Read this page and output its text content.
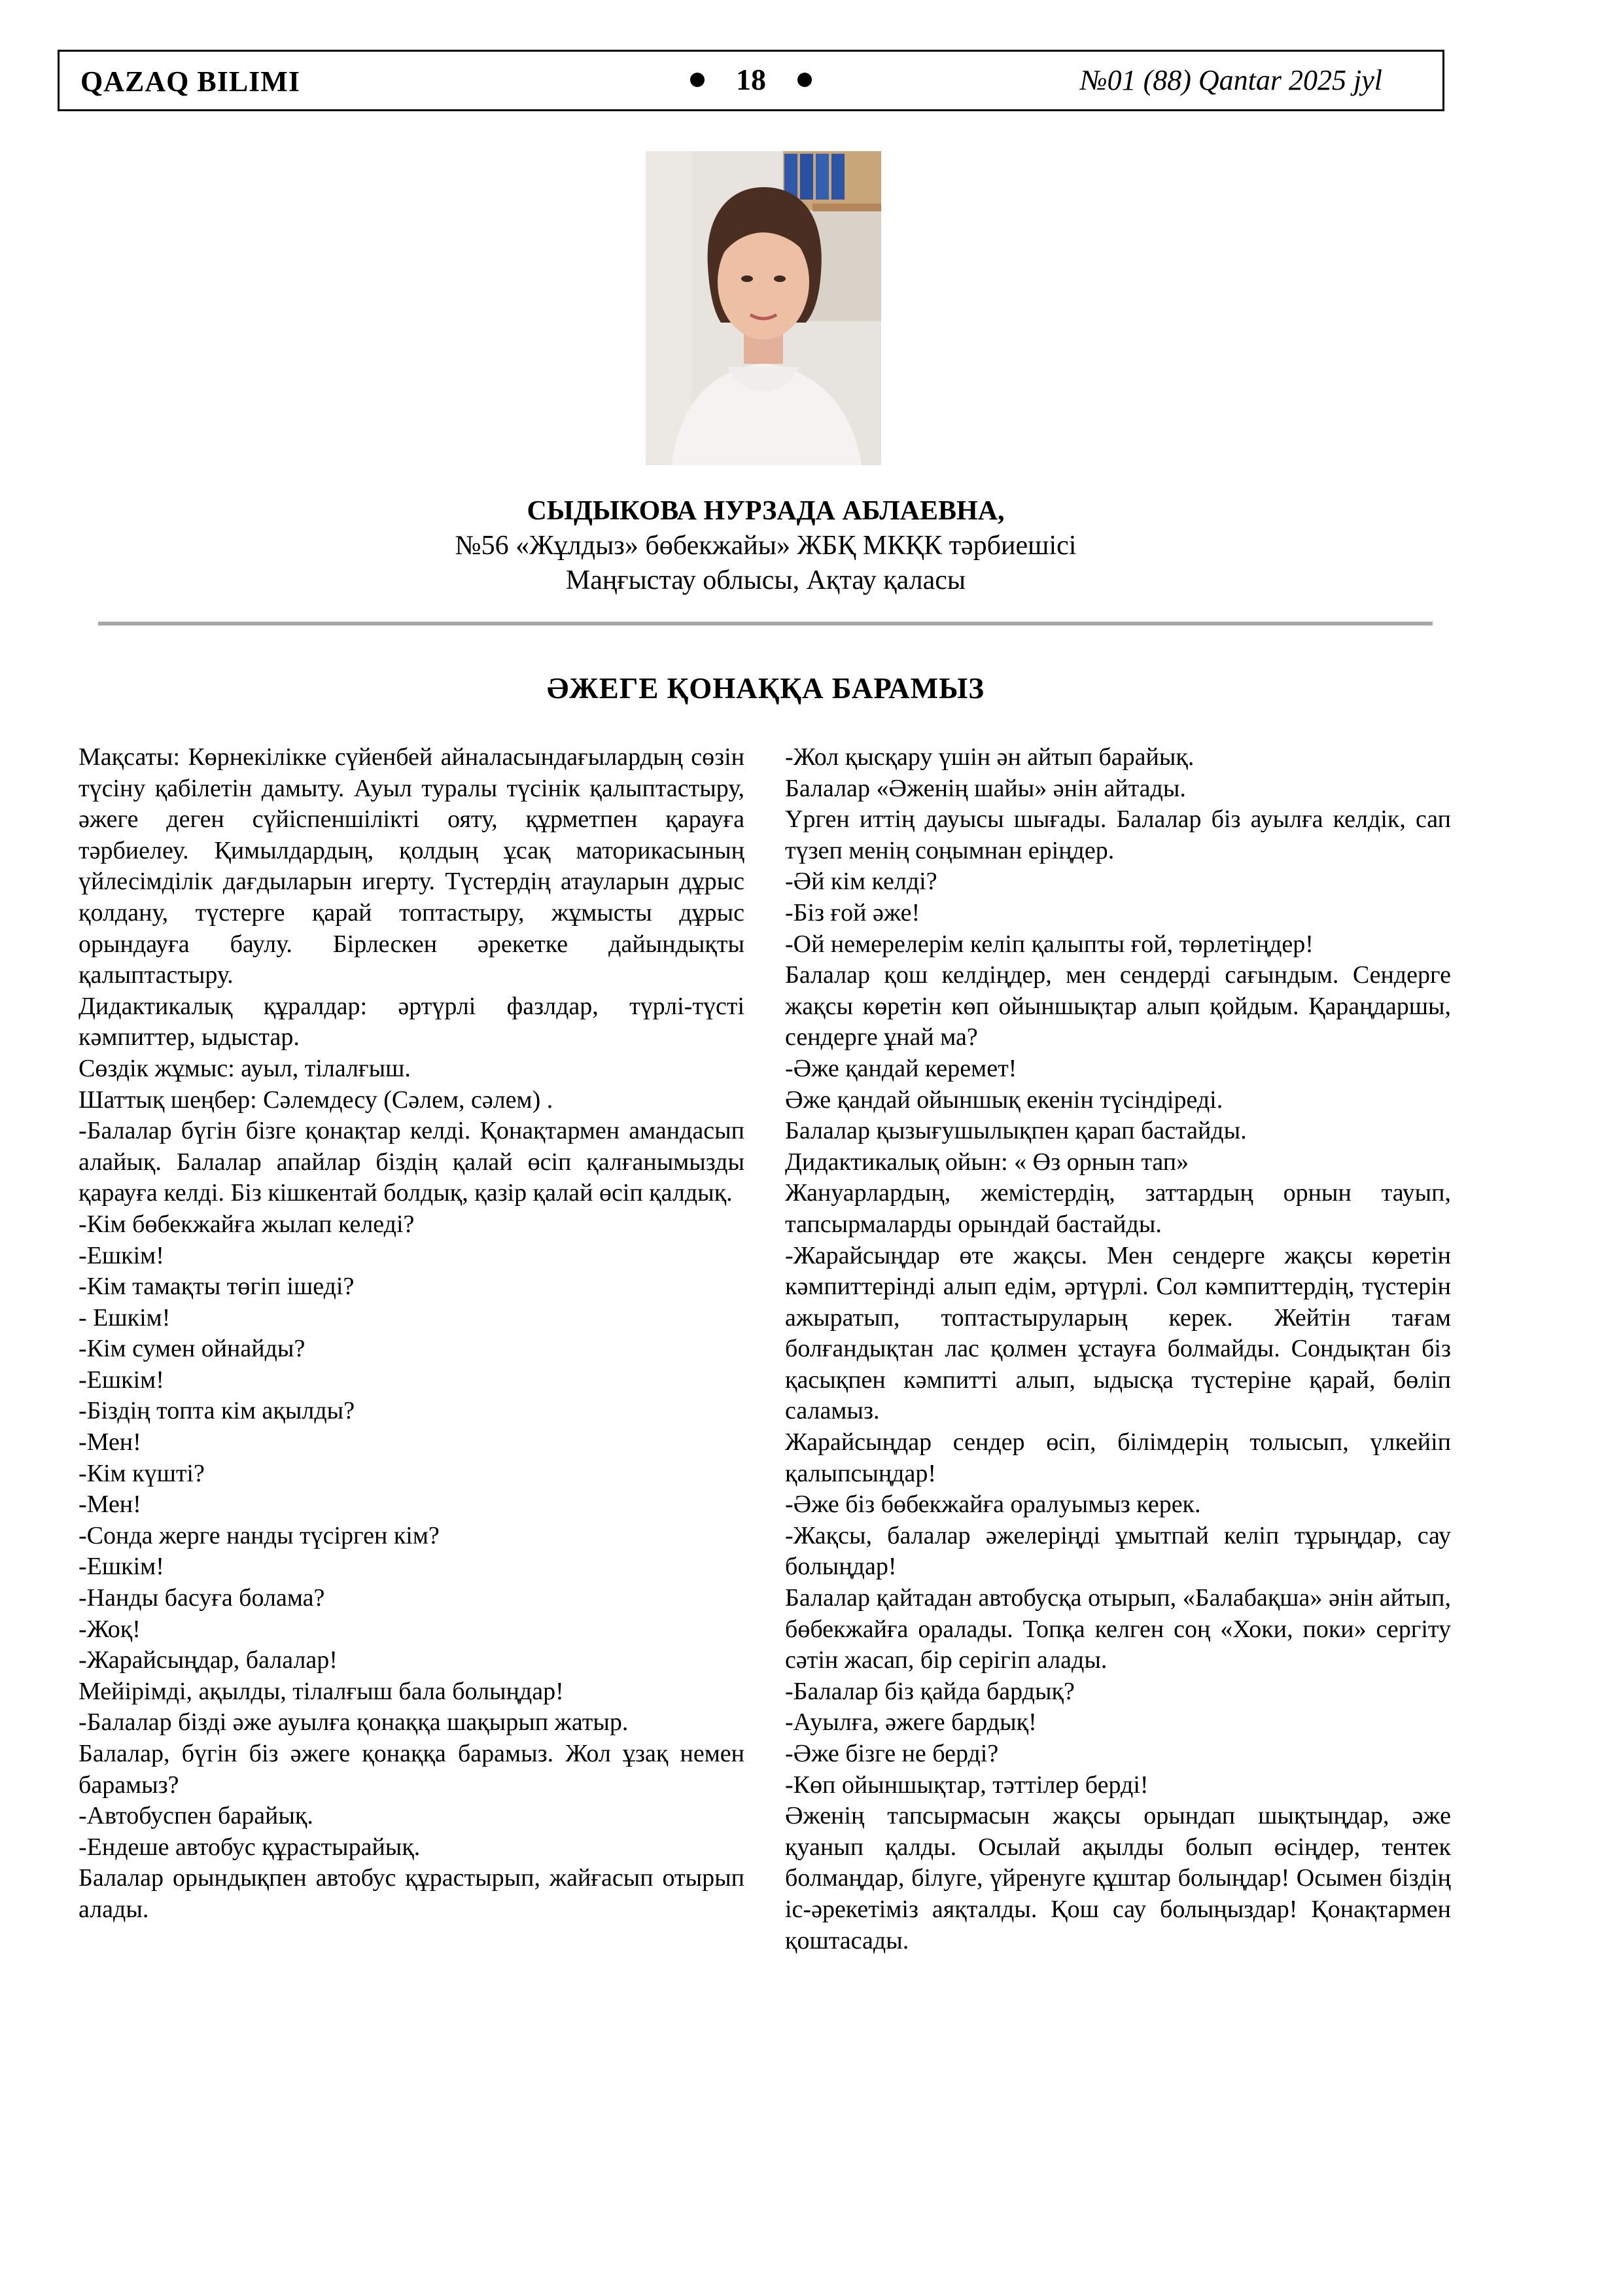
QAZAQ BILIMI	18	№01 (88) Qantar 2025 jyl
СЫДЫКОВА НУРЗАДА АБЛАЕВНА,
№56 «Жұлдыз» бөбекжайы» ЖБҚ МКҚК тәрбиешісі
Маңғыстау облысы, Ақтау қаласы
ӘЖЕГЕ ҚОНАҚҚА БАРАМЫЗ

Мақсаты: Көрнекілікке сүйенбей айналасындағылардың сөзін түсіну қабілетін дамыту. Ауыл туралы түсінік қалыптастыру, әжеге деген сүйіспеншілікті ояту, құрметпен қарауға тәрбиелеу. Қимылдардың, қолдың ұсақ маторикасының үйлесімділік дағдыларын игерту. Түстердің атауларын дұрыс қолдану, түстерге қарай топтастыру, жұмысты дұрыс орындауға баулу. Бірлескен әрекетке дайындықты қалыптастыру.

Дидактикалық құралдар: әртүрлі фазлдар, түрлі-түсті кәмпиттер, ыдыстар.

Сөздік жұмыс: ауыл, тілалғыш.

Шаттық шеңбер: Сәлемдесу (Сәлем, сәлем) .

-Балалар бүгін бізге қонақтар келді. Қонақтармен амандасып алайық. Балалар апайлар біздің қалай өсіп қалғанымызды қарауға келді. Біз кішкентай болдық, қазір қалай өсіп қалдық.

-Кім бөбекжайға жылап келеді?

-Ешкім!

-Кім тамақты төгіп ішеді?

- Ешкім!

-Кім сумен ойнайды?

-Ешкім!

-Біздің топта кім ақылды?

-Мен!

-Кім күшті?

-Мен!

-Сонда жерге нанды түсірген кім?

-Ешкім!

-Нанды басуға болама?

-Жоқ!

-Жарайсыңдар, балалар!

Мейірімді, ақылды, тілалғыш бала болыңдар!

-Балалар бізді әже ауылға қонаққа шақырып жатыр.

Балалар, бүгін біз әжеге қонаққа барамыз. Жол ұзақ немен барамыз?

-Автобуспен барайық.

-Ендеше автобус құрастырайық.

Балалар орындықпен автобус құрастырып, жайғасып отырып алады.

-Жол қысқару үшін ән айтып барайық.

Балалар «Әженің шайы» әнін айтады.

Үрген иттің дауысы шығады. Балалар біз ауылға келдік, сап түзеп менің соңымнан еріңдер.

-Әй кім келді?

-Біз ғой әже!

-Ой немерелерім келіп қалыпты ғой, төрлетіңдер!

Балалар қош келдіңдер, мен сендерді сағындым. Сендерге жақсы көретін көп ойыншықтар алып қойдым. Қараңдаршы, сендерге ұнай ма?

-Әже қандай керемет!

Әже қандай ойыншық екенін түсіндіреді.

Балалар қызығушылықпен қарап бастайды.

Дидактикалық ойын: « Өз орнын тап»

Жануарлардың, жемістердің, заттардың орнын тауып, тапсырмаларды орындай бастайды.

-Жарайсыңдар өте жақсы. Мен сендерге жақсы көретін кәмпиттерінді алып едім, әртүрлі. Сол кәмпиттердің, түстерін ажыратып, топтастыруларың керек. Жейтін тағам болғандықтан лас қолмен ұстауға болмайды. Сондықтан біз қасықпен кәмпитті алып, ыдысқа түстеріне қарай, бөліп саламыз.

Жарайсыңдар сендер өсіп, білімдерің толысып, үлкейіп қалыпсыңдар!

-Әже біз бөбекжайға оралуымыз керек.

-Жақсы, балалар әжелеріңді ұмытпай келіп тұрыңдар, сау болыңдар!

Балалар қайтадан автобусқа отырып, «Балабақша» әнін айтып, бөбекжайға оралады. Топқа келген соң «Хоки, поки» сергіту сәтін жасап, бір серігіп алады.

-Балалар біз қайда бардық?

-Ауылға, әжеге бардық!

-Әже бізге не берді?

-Көп ойыншықтар, тәттілер берді!

Әженің тапсырмасын жақсы орындап шықтыңдар, әже қуанып қалды. Осылай ақылды болып өсіңдер, тентек болмаңдар, білуге, үйренуге құштар болыңдар! Осымен біздің іс-әрекетіміз аяқталды. Қош сау болыңыздар! Қонақтармен қоштасады.
